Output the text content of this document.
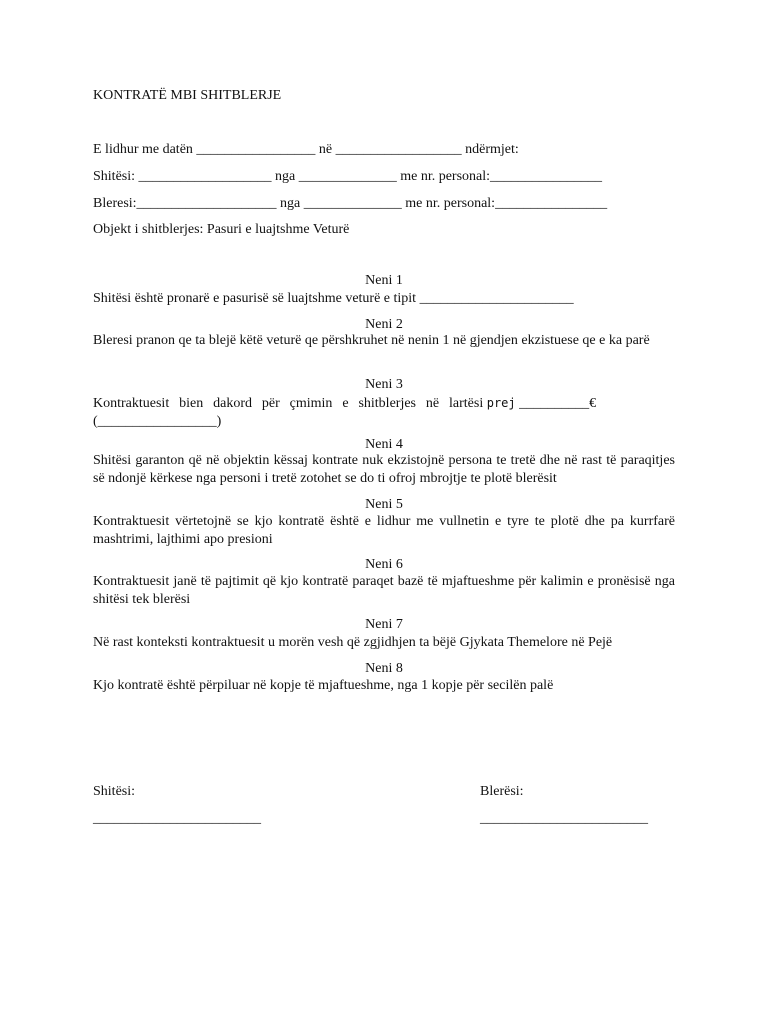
KONTRATË MBI SHITBLERJE
E lidhur me datën _________________ në __________________ ndërmjet:
Shitësi: ___________________ nga ______________ me nr. personal:________________
Bleresi:____________________ nga ______________ me nr. personal:________________
Objekt i shitblerjes: Pasuri e luajtshme Veturë
Neni 1
Shitësi është pronarë e pasurisë së luajtshme veturë e tipit ______________________
Neni 2
Bleresi pranon qe ta blejë këtë veturë qe përshkruhet në nenin 1 në gjendjen ekzistuese qe e ka parë
Neni 3
Kontraktuesit bien dakord për çmimin e shitblerjes në lartësi prej __________€
(_________________)
Neni 4
Shitësi garanton që në objektin këssaj kontrate nuk ekzistojnë persona te tretë dhe në rast të paraqitjes së ndonjë kërkese nga personi i tretë zotohet se do ti ofroj mbrojtje te plotë blerësit
Neni 5
Kontraktuesit vërtetojnë se kjo kontratë është e lidhur me vullnetin e tyre te plotë dhe pa kurrfarë mashtrimi, lajthimi apo presioni
Neni 6
Kontraktuesit janë të pajtimit që kjo kontratë paraqet bazë të mjaftueshme për kalimin e pronësisë nga shitësi tek blerësi
Neni 7
Në rast konteksti kontraktuesit u morën vesh që zgjidhjen ta bëjë Gjykata Themelore në Pejë
Neni 8
Kjo kontratë është përpiluar në kopje të mjaftueshme, nga 1 kopje për secilën palë
Shitësi:	Blerësi:
________________________	________________________
